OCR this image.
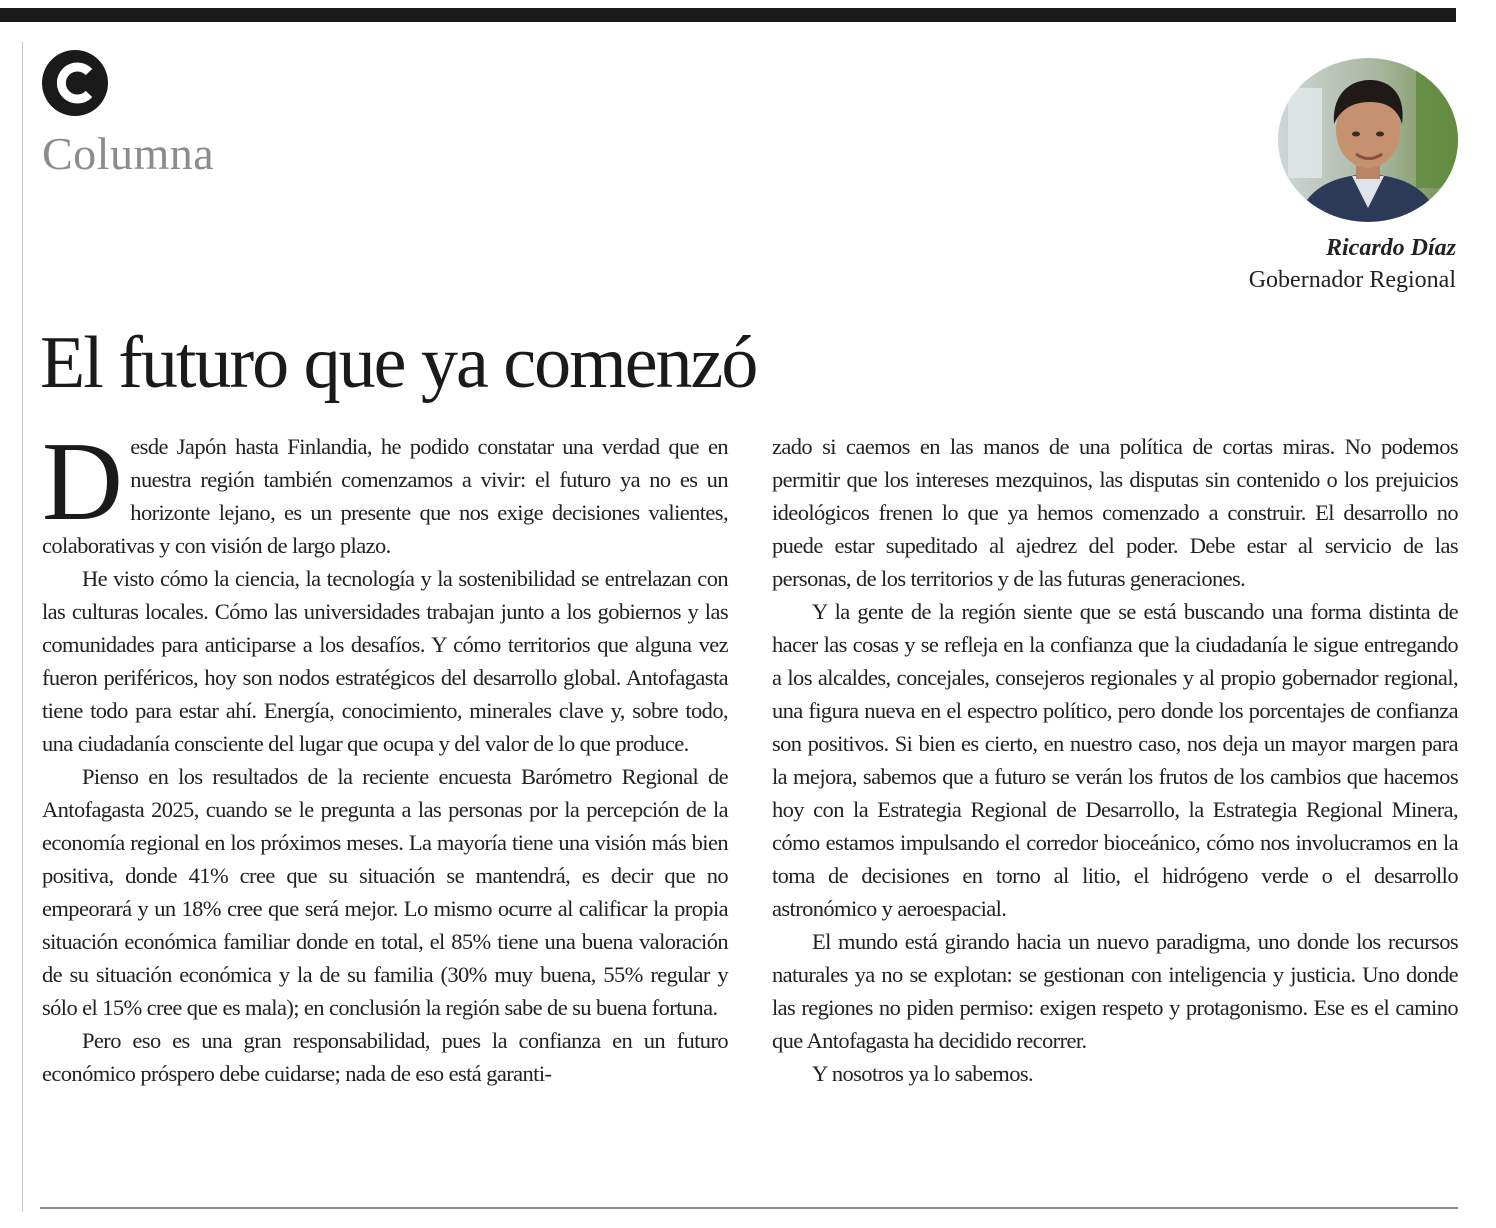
Columna
Ricardo Díaz
Gobernador Regional
El futuro que ya comenzó

Desde Japón hasta Finlandia, he podido constatar una verdad que en nuestra región también comenzamos a vivir: el futuro ya no es un horizonte lejano, es un presente que nos exige decisiones valientes, colaborativas y con visión de largo plazo.

He visto cómo la ciencia, la tecnología y la sostenibilidad se entrelazan con las culturas locales. Cómo las universidades trabajan junto a los gobiernos y las comunidades para anticiparse a los desafíos. Y cómo territorios que alguna vez fueron periféricos, hoy son nodos estratégicos del desarrollo global. Antofagasta tiene todo para estar ahí. Energía, conocimiento, minerales clave y, sobre todo, una ciudadanía consciente del lugar que ocupa y del valor de lo que produce.

Pienso en los resultados de la reciente encuesta Barómetro Regional de Antofagasta 2025, cuando se le pregunta a las personas por la percepción de la economía regional en los próximos meses. La mayoría tiene una visión más bien positiva, donde 41% cree que su situación se mantendrá, es decir que no empeorará y un 18% cree que será mejor. Lo mismo ocurre al calificar la propia situación económica familiar donde en total, el 85% tiene una buena valoración de su situación económica y la de su familia (30% muy buena, 55% regular y sólo el 15% cree que es mala); en conclusión la región sabe de su buena fortuna.

Pero eso es una gran responsabilidad, pues la confianza en un futuro económico próspero debe cuidarse; nada de eso está garanti-

zado si caemos en las manos de una política de cortas miras. No podemos permitir que los intereses mezquinos, las disputas sin contenido o los prejuicios ideológicos frenen lo que ya hemos comenzado a construir. El desarrollo no puede estar supeditado al ajedrez del poder. Debe estar al servicio de las personas, de los territorios y de las futuras generaciones.

Y la gente de la región siente que se está buscando una forma distinta de hacer las cosas y se refleja en la confianza que la ciudadanía le sigue entregando a los alcaldes, concejales, consejeros regionales y al propio gobernador regional, una figura nueva en el espectro político, pero donde los porcentajes de confianza son positivos. Si bien es cierto, en nuestro caso, nos deja un mayor margen para la mejora, sabemos que a futuro se verán los frutos de los cambios que hacemos hoy con la Estrategia Regional de Desarrollo, la Estrategia Regional Minera, cómo estamos impulsando el corredor bioceánico, cómo nos involucramos en la toma de decisiones en torno al litio, el hidrógeno verde o el desarrollo astronómico y aeroespacial.

El mundo está girando hacia un nuevo paradigma, uno donde los recursos naturales ya no se explotan: se gestionan con inteligencia y justicia. Uno donde las regiones no piden permiso: exigen respeto y protagonismo. Ese es el camino que Antofagasta ha decidido recorrer.

Y nosotros ya lo sabemos.
